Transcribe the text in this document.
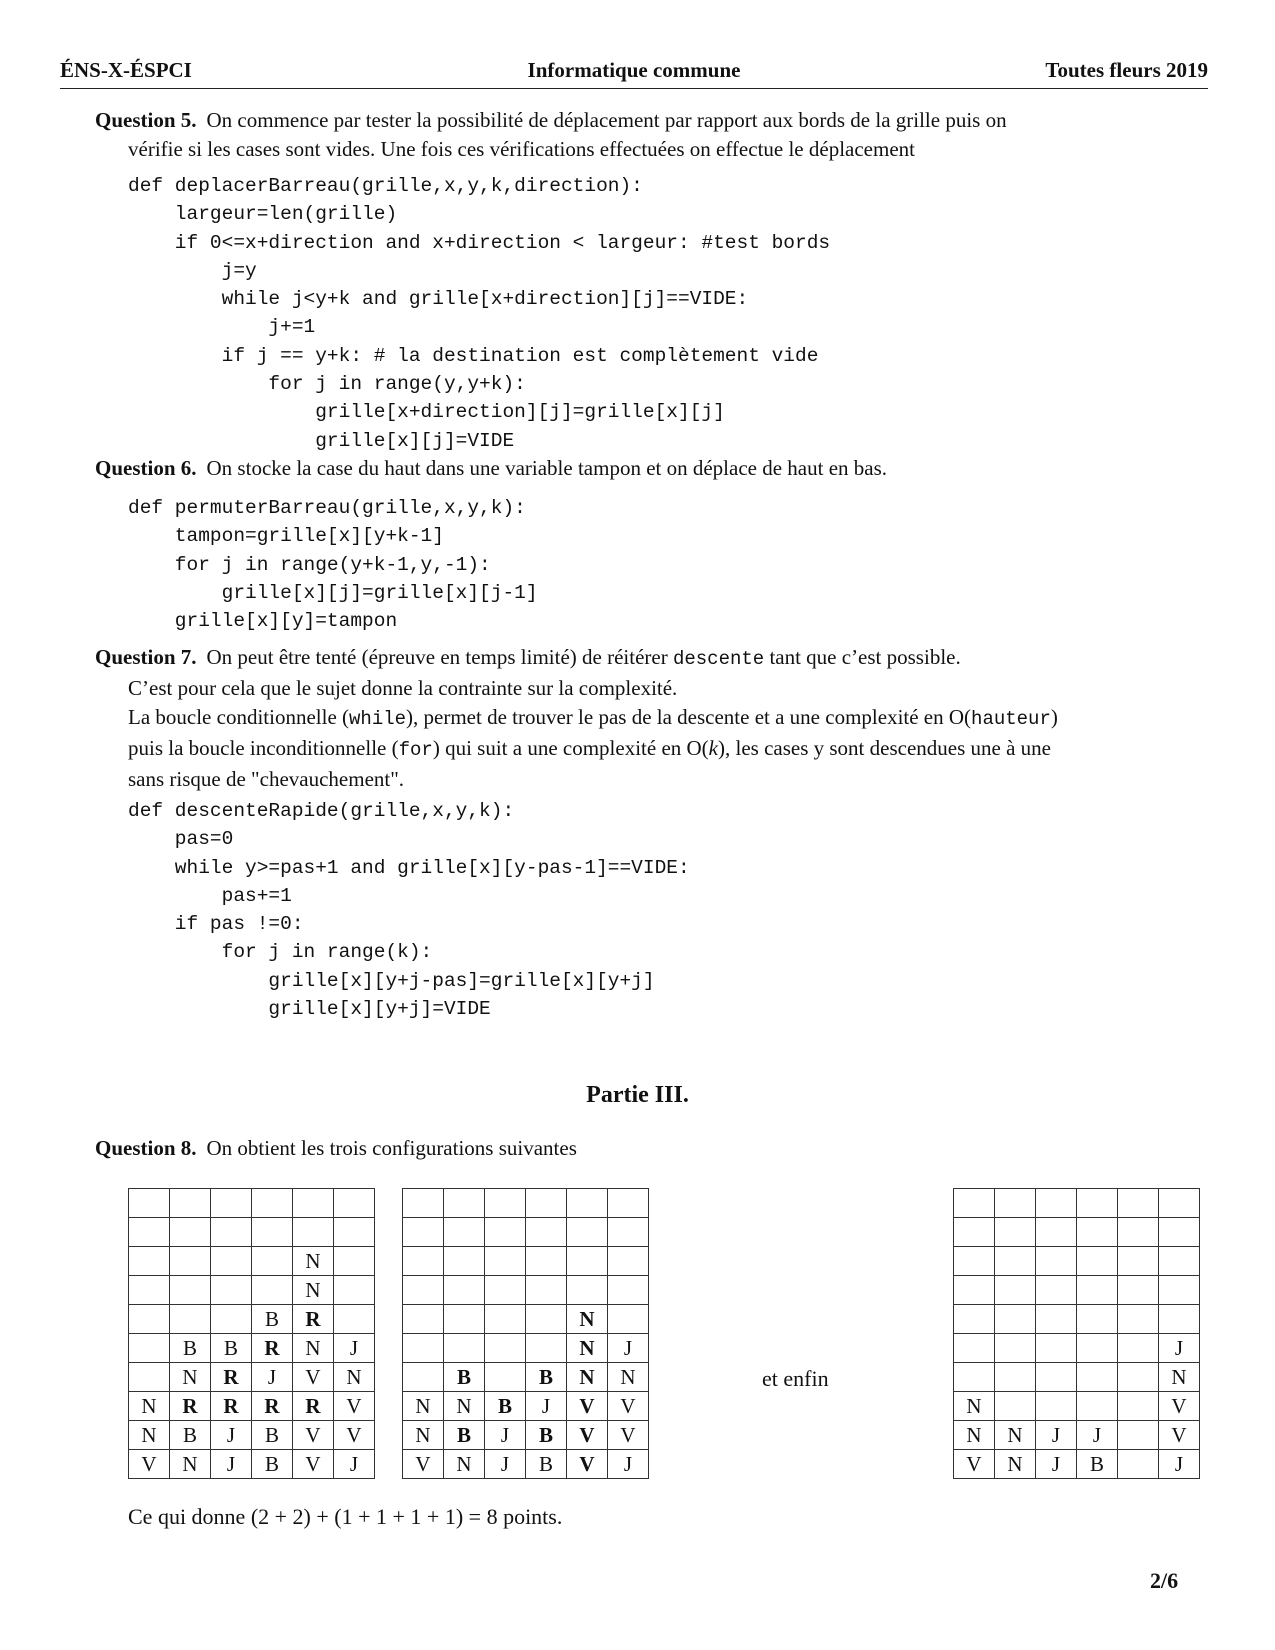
ÉNS-X-ÉSPCI	Informatique commune	Toutes fleurs 2019
Question 5. On commence par tester la possibilité de déplacement par rapport aux bords de la grille puis on
vérifie si les cases sont vides. Une fois ces vérifications effectuées on effectue le déplacement
def deplacerBarreau(grille,x,y,k,direction):
largeur=len(grille)
if 0<=x+direction and x+direction < largeur: #test bords
j=y
while j<y+k and grille[x+direction][j]==VIDE:
j+=1
if j == y+k: # la destination est complètement vide
for j in range(y,y+k):
grille[x+direction][j]=grille[x][j]
grille[x][j]=VIDE
Question 6. On stocke la case du haut dans une variable tampon et on déplace de haut en bas.
def permuterBarreau(grille,x,y,k):
tampon=grille[x][y+k-1]
for j in range(y+k-1,y,-1):
grille[x][j]=grille[x][j-1]
grille[x][y]=tampon
Question 7. On peut être tenté (épreuve en temps limité) de réitérer descente tant que c’est possible.
C’est pour cela que le sujet donne la contrainte sur la complexité.
La boucle conditionnelle (while), permet de trouver le pas de la descente et a une complexité en O(hauteur)
puis la boucle inconditionnelle (for) qui suit a une complexité en O(k), les cases y sont descendues une à une
sans risque de "chevauchement".
def descenteRapide(grille,x,y,k):
pas=0
while y>=pas+1 and grille[x][y-pas-1]==VIDE:
pas+=1
if pas !=0:
for j in range(k):
grille[x][y+j-pas]=grille[x][y+j]
grille[x][y+j]=VIDE
Partie III.
Question 8. On obtient les trois configurations suivantes

				N	
				N	
			B	R	
	B	B	R	N	J
	N	R	J	V	N
N	R	R	R	R	V
N	B	J	B	V	V
V	N	J	B	V	J

				N	
				N	J
	B		B	N	N
N	N	B	J	V	V
N	B	J	B	V	V
V	N	J	B	V	J
et enfin

					J
					N
N					V
N	N	J	J		V
V	N	J	B		J
Ce qui donne (2 + 2) + (1 + 1 + 1 + 1) = 8 points.
2/6
